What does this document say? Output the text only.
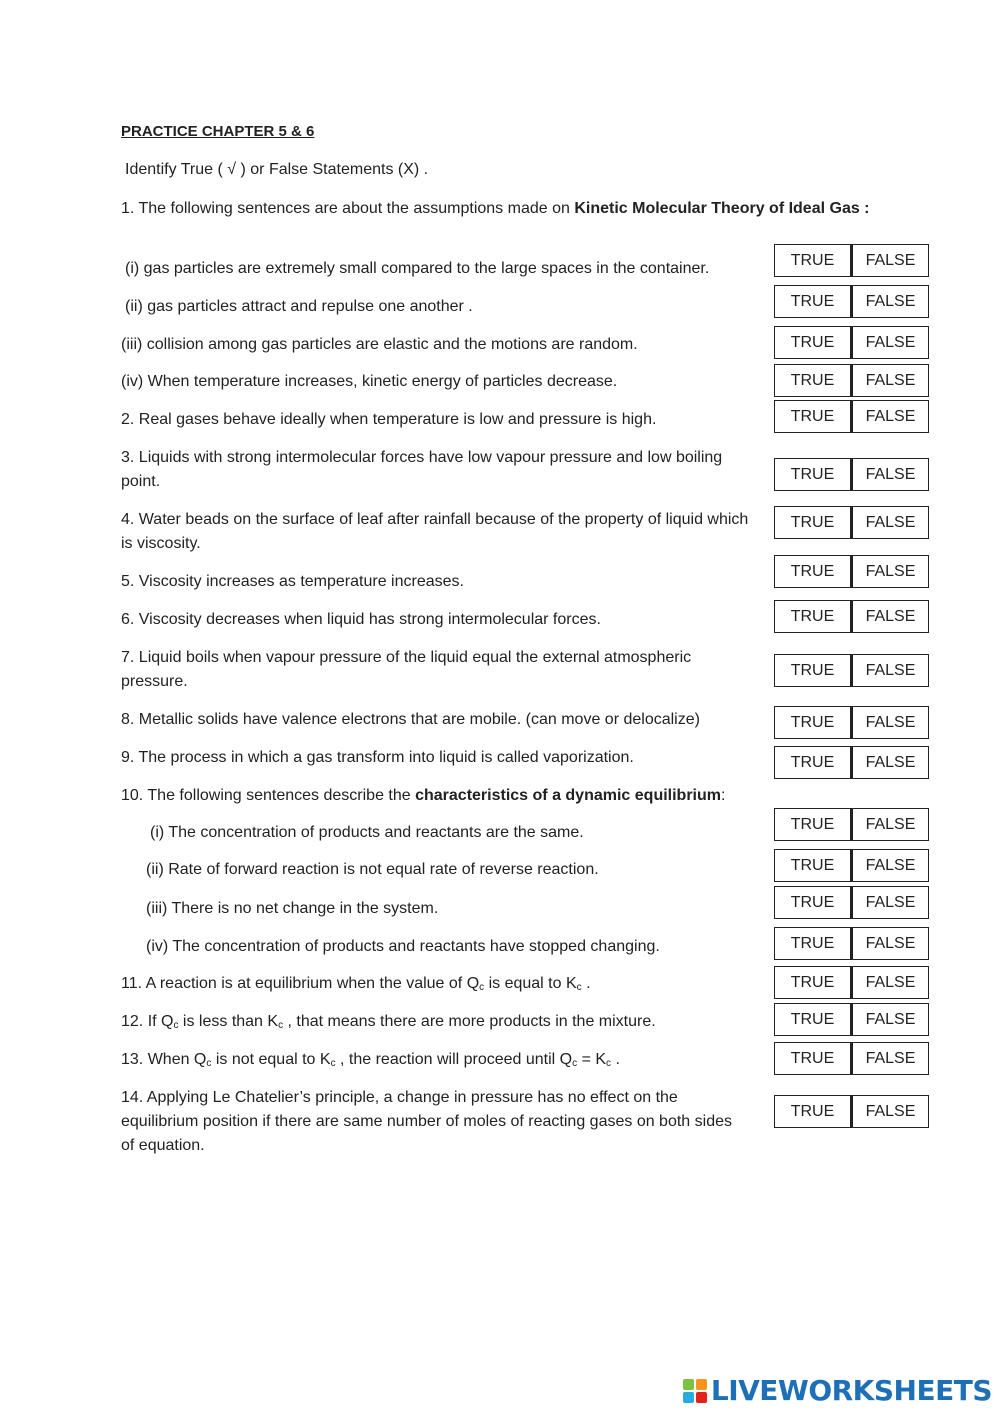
PRACTICE CHAPTER 5 & 6
Identify True ( √ ) or False Statements (X) .
1. The following sentences are about the assumptions made on Kinetic Molecular Theory of Ideal Gas :
(i) gas particles are extremely small compared to the large spaces in the container.	TRUE	FALSE
(ii) gas particles attract and repulse one another .	TRUE	FALSE
(iii) collision among gas particles are elastic and the motions are random.	TRUE	FALSE
(iv) When temperature increases, kinetic energy of particles decrease.	TRUE	FALSE
2. Real gases behave ideally when temperature is low and pressure is high.	TRUE	FALSE
3. Liquids with strong intermolecular forces have low vapour pressure and low boiling point.	TRUE	FALSE
4. Water beads on the surface of leaf after rainfall because of the property of liquid which is viscosity.
TRUE	FALSE
5. Viscosity increases as temperature increases.
TRUE	FALSE
6. Viscosity decreases when liquid has strong intermolecular forces.	TRUE	FALSE
7. Liquid boils when vapour pressure of the liquid equal the external atmospheric pressure.
TRUE	FALSE
8. Metallic solids have valence electrons that are mobile. (can move or delocalize)	TRUE	FALSE
9. The process in which a gas transform into liquid is called vaporization.	TRUE	FALSE
10. The following sentences describe the characteristics of a dynamic equilibrium:
(i) The concentration of products and reactants are the same.	TRUE	FALSE
(ii) Rate of forward reaction is not equal rate of reverse reaction.	TRUE	FALSE
(iii) There is no net change in the system.	TRUE	FALSE
(iv) The concentration of products and reactants have stopped changing.	TRUE	FALSE
11. A reaction is at equilibrium when the value of $Q_c$ is equal to $K_c$ .	TRUE	FALSE
12. If $Q_c$ is less than $K_c$ , that means there are more products in the mixture.	TRUE	FALSE
13. When $Q_c$ is not equal to $K_c$ , the reaction will proceed until $Q_c = K_c$ .	TRUE	FALSE
14. Applying Le Chatelier’s principle, a change in pressure has no effect on the equilibrium position if there are same number of moles of reacting gases on both sides of equation.
TRUE	FALSE
LIVEWORKSHEETS
